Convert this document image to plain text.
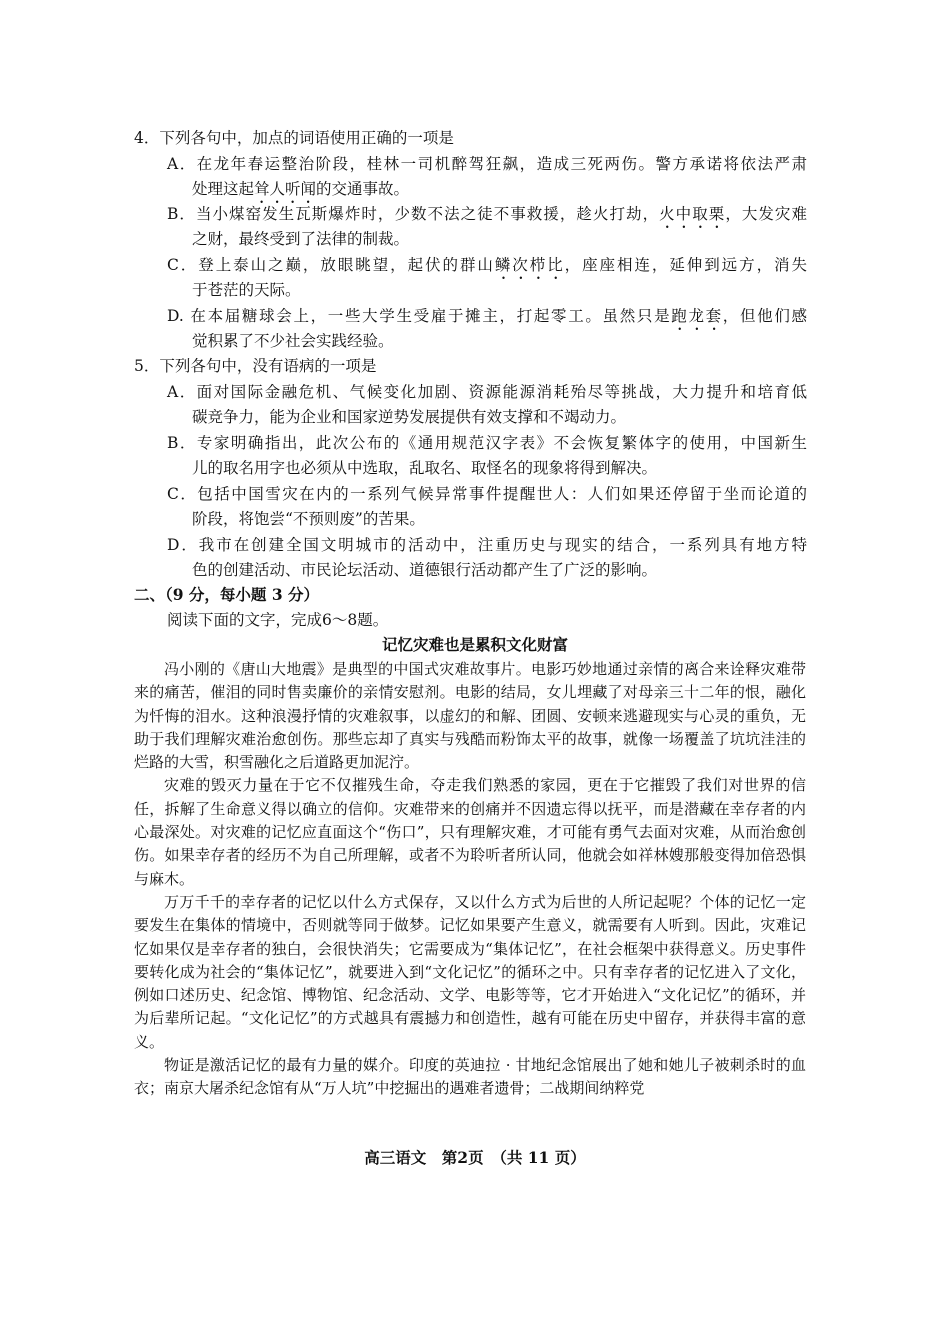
4．下列各句中，加点的词语使用正确的一项是
A．在龙年春运整治阶段，桂林一司机醉驾狂飙，造成三死两伤。警方承诺将依法严肃
处理这起耸人听闻的交通事故。
B．当小煤窑发生瓦斯爆炸时，少数不法之徒不事救援，趁火打劫，火中取栗，大发灾难
之财，最终受到了法律的制裁。
C．登上泰山之巅，放眼眺望，起伏的群山鳞次栉比，座座相连，延伸到远方，消失
于苍茫的天际。
D. 在本届糖球会上，一些大学生受雇于摊主，打起零工。虽然只是跑龙套，但他们感
觉积累了不少社会实践经验。
5．下列各句中，没有语病的一项是
A．面对国际金融危机、气候变化加剧、资源能源消耗殆尽等挑战，大力提升和培育低
碳竞争力，能为企业和国家逆势发展提供有效支撑和不竭动力。
B．专家明确指出，此次公布的《通用规范汉字表》不会恢复繁体字的使用，中国新生
儿的取名用字也必须从中选取，乱取名、取怪名的现象将得到解决。
C．包括中国雪灾在内的一系列气候异常事件提醒世人：人们如果还停留于坐而论道的
阶段，将饱尝“不预则废”的苦果。
D．我市在创建全国文明城市的活动中，注重历史与现实的结合，一系列具有地方特
色的创建活动、市民论坛活动、道德银行活动都产生了广泛的影响。
二、（9 分，每小题 3 分）
阅读下面的文字，完成6～8题。
记忆灾难也是累积文化财富

冯小刚的《唐山大地震》是典型的中国式灾难故事片。电影巧妙地通过亲情的离合来诠释灾难带来的痛苦，催泪的同时售卖廉价的亲情安慰剂。电影的结局，女儿埋藏了对母亲三十二年的恨，融化为忏悔的泪水。这种浪漫抒情的灾难叙事，以虚幻的和解、团圆、安顿来逃避现实与心灵的重负，无助于我们理解灾难治愈创伤。那些忘却了真实与残酷而粉饰太平的故事，就像一场覆盖了坑坑洼洼的烂路的大雪，积雪融化之后道路更加泥泞。

灾难的毁灭力量在于它不仅摧残生命，夺走我们熟悉的家园，更在于它摧毁了我们对世界的信任，拆解了生命意义得以确立的信仰。灾难带来的创痛并不因遗忘得以抚平，而是潜藏在幸存者的内心最深处。对灾难的记忆应直面这个“伤口”，只有理解灾难，才可能有勇气去面对灾难，从而治愈创伤。如果幸存者的经历不为自己所理解，或者不为聆听者所认同，他就会如祥林嫂那般变得加倍恐惧与麻木。

万万千千的幸存者的记忆以什么方式保存，又以什么方式为后世的人所记起呢？个体的记忆一定要发生在集体的情境中，否则就等同于做梦。记忆如果要产生意义，就需要有人听到。因此，灾难记忆如果仅是幸存者的独白，会很快消失；它需要成为“集体记忆”，在社会框架中获得意义。历史事件要转化成为社会的“集体记忆”，就要进入到“文化记忆”的循环之中。只有幸存者的记忆进入了文化，例如口述历史、纪念馆、博物馆、纪念活动、文学、电影等等，它才开始进入“文化记忆”的循环，并为后辈所记起。“文化记忆”的方式越具有震撼力和创造性，越有可能在历史中留存，并获得丰富的意义。

物证是激活记忆的最有力量的媒介。印度的英迪拉 · 甘地纪念馆展出了她和她儿子被刺杀时的血衣；南京大屠杀纪念馆有从“万人坑”中挖掘出的遇难者遗骨；二战期间纳粹党

高三语文　第2页　（共 11 页）
